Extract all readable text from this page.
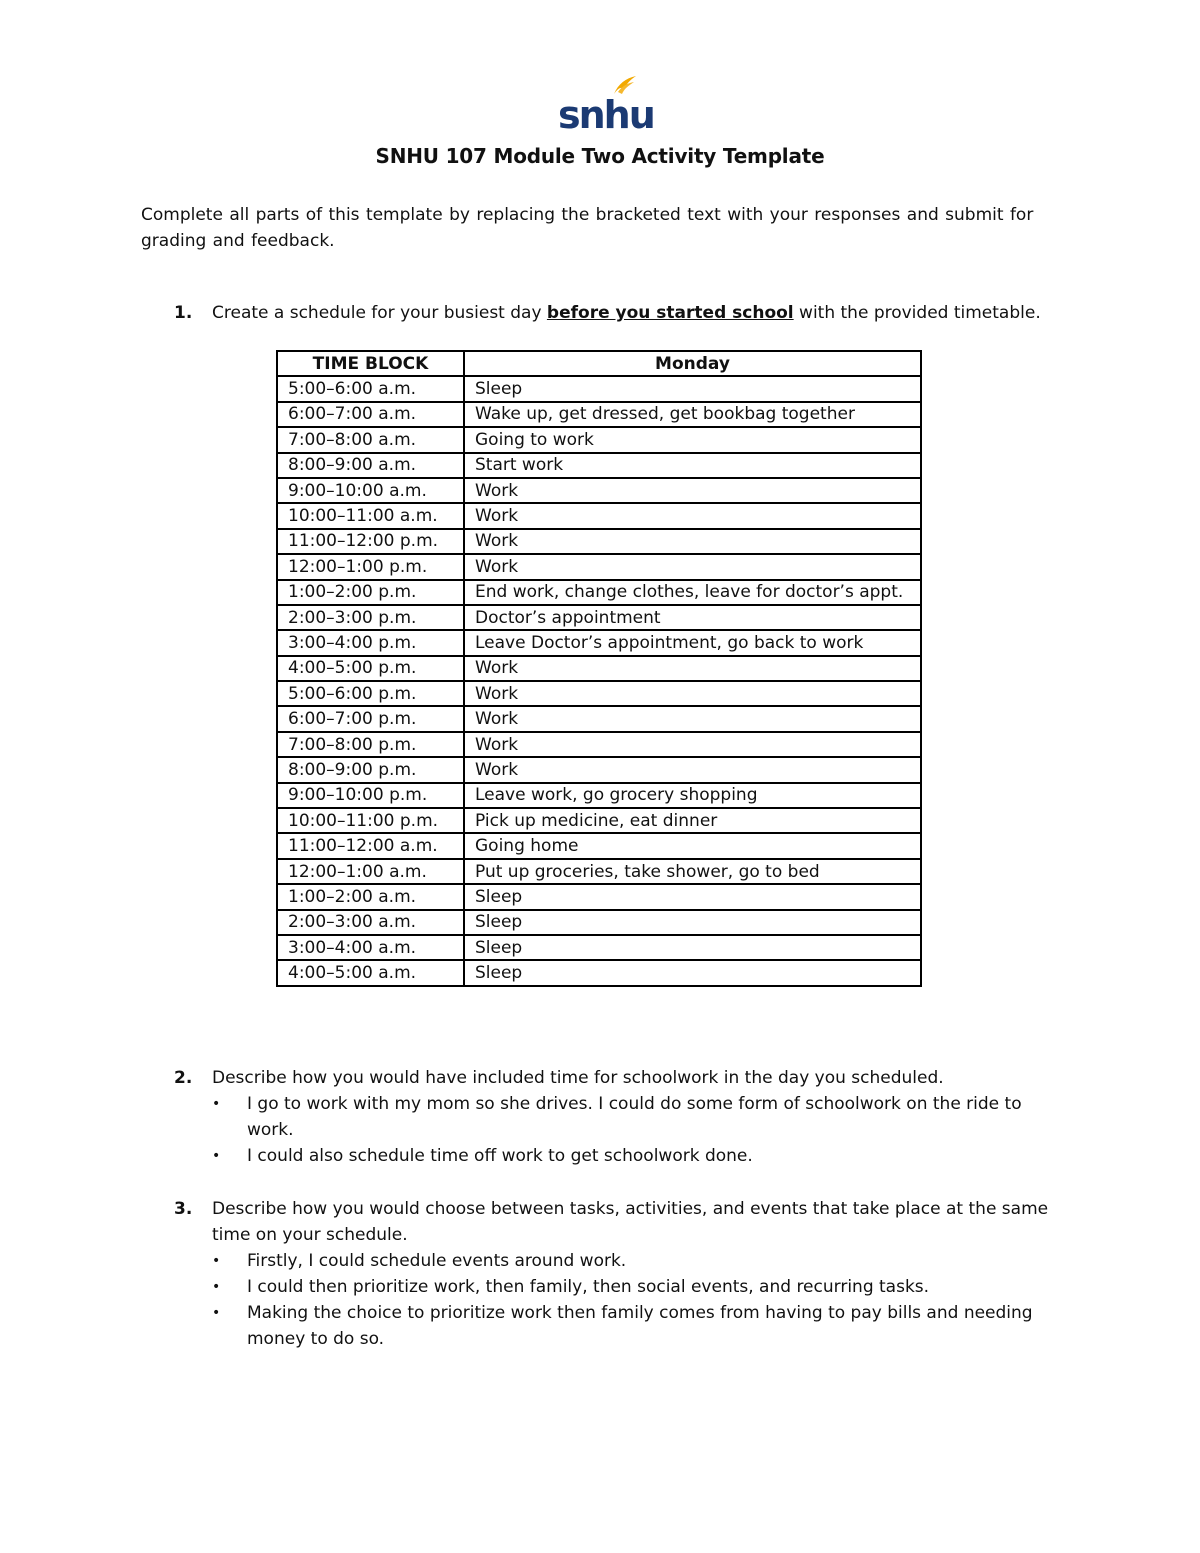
snhu
SNHU 107 Module Two Activity Template
Complete all parts of this template by replacing the bracketed text with your responses and submit for grading and feedback.
1. Create a schedule for your busiest day before you started school with the provided timetable.
TIME BLOCK	Monday
5:00–6:00 a.m.	Sleep
6:00–7:00 a.m.	Wake up, get dressed, get bookbag together
7:00–8:00 a.m.	Going to work
8:00–9:00 a.m.	Start work
9:00–10:00 a.m.	Work
10:00–11:00 a.m.	Work
11:00–12:00 p.m.	Work
12:00–1:00 p.m.	Work
1:00–2:00 p.m.	End work, change clothes, leave for doctor’s appt.
2:00–3:00 p.m.	Doctor’s appointment
3:00–4:00 p.m.	Leave Doctor’s appointment, go back to work
4:00–5:00 p.m.	Work
5:00–6:00 p.m.	Work
6:00–7:00 p.m.	Work
7:00–8:00 p.m.	Work
8:00–9:00 p.m.	Work
9:00–10:00 p.m.	Leave work, go grocery shopping
10:00–11:00 p.m.	Pick up medicine, eat dinner
11:00–12:00 a.m.	Going home
12:00–1:00 a.m.	Put up groceries, take shower, go to bed
1:00–2:00 a.m.	Sleep
2:00–3:00 a.m.	Sleep
3:00–4:00 a.m.	Sleep
4:00–5:00 a.m.	Sleep
2. Describe how you would have included time for schoolwork in the day you scheduled.
• I go to work with my mom so she drives. I could do some form of schoolwork on the ride to work.
• I could also schedule time off work to get schoolwork done.
3. Describe how you would choose between tasks, activities, and events that take place at the same time on your schedule.
• Firstly, I could schedule events around work.
• I could then prioritize work, then family, then social events, and recurring tasks.
• Making the choice to prioritize work then family comes from having to pay bills and needing money to do so.
